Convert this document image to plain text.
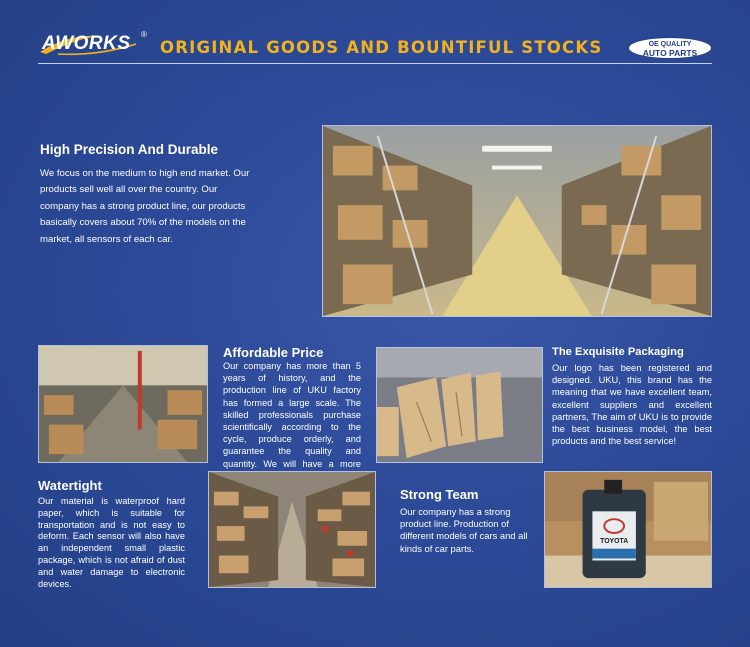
AWORKS ®
ORIGINAL GOODS AND BOUNTIFUL STOCKS	OE QUALITY
AUTO PARTS
High Precision And Durable
We focus on the medium to high end market. Our products sell well all over the country. Our company has a strong product line, our products basically covers about 70% of the models on the market, all sensors of each car.
Affordable Price
Our company has more than 5 years of history, and the production line of UKU factory has formed a large scale. The skilled professionals purchase scientifically according to the cycle, produce orderly, and guarantee the quality and quantity. We will have a more
The Exquisite Packaging
Our logo has been registered and designed. UKU, this brand has the meaning that we have excellent team, excellent suppliers and excellent partners, The aim of UKU is to provide the best business model, the best products and the best service!
Watertight
Our material is waterproof hard paper, which is suitable for transportation and is not easy to deform. Each sensor will also have an independent small plastic package, which is not afraid of dust and water damage to electronic devices.
Strong Team
Our company has a strong product line. Production of different models of cars and all kinds of car parts.
TOYOTA
